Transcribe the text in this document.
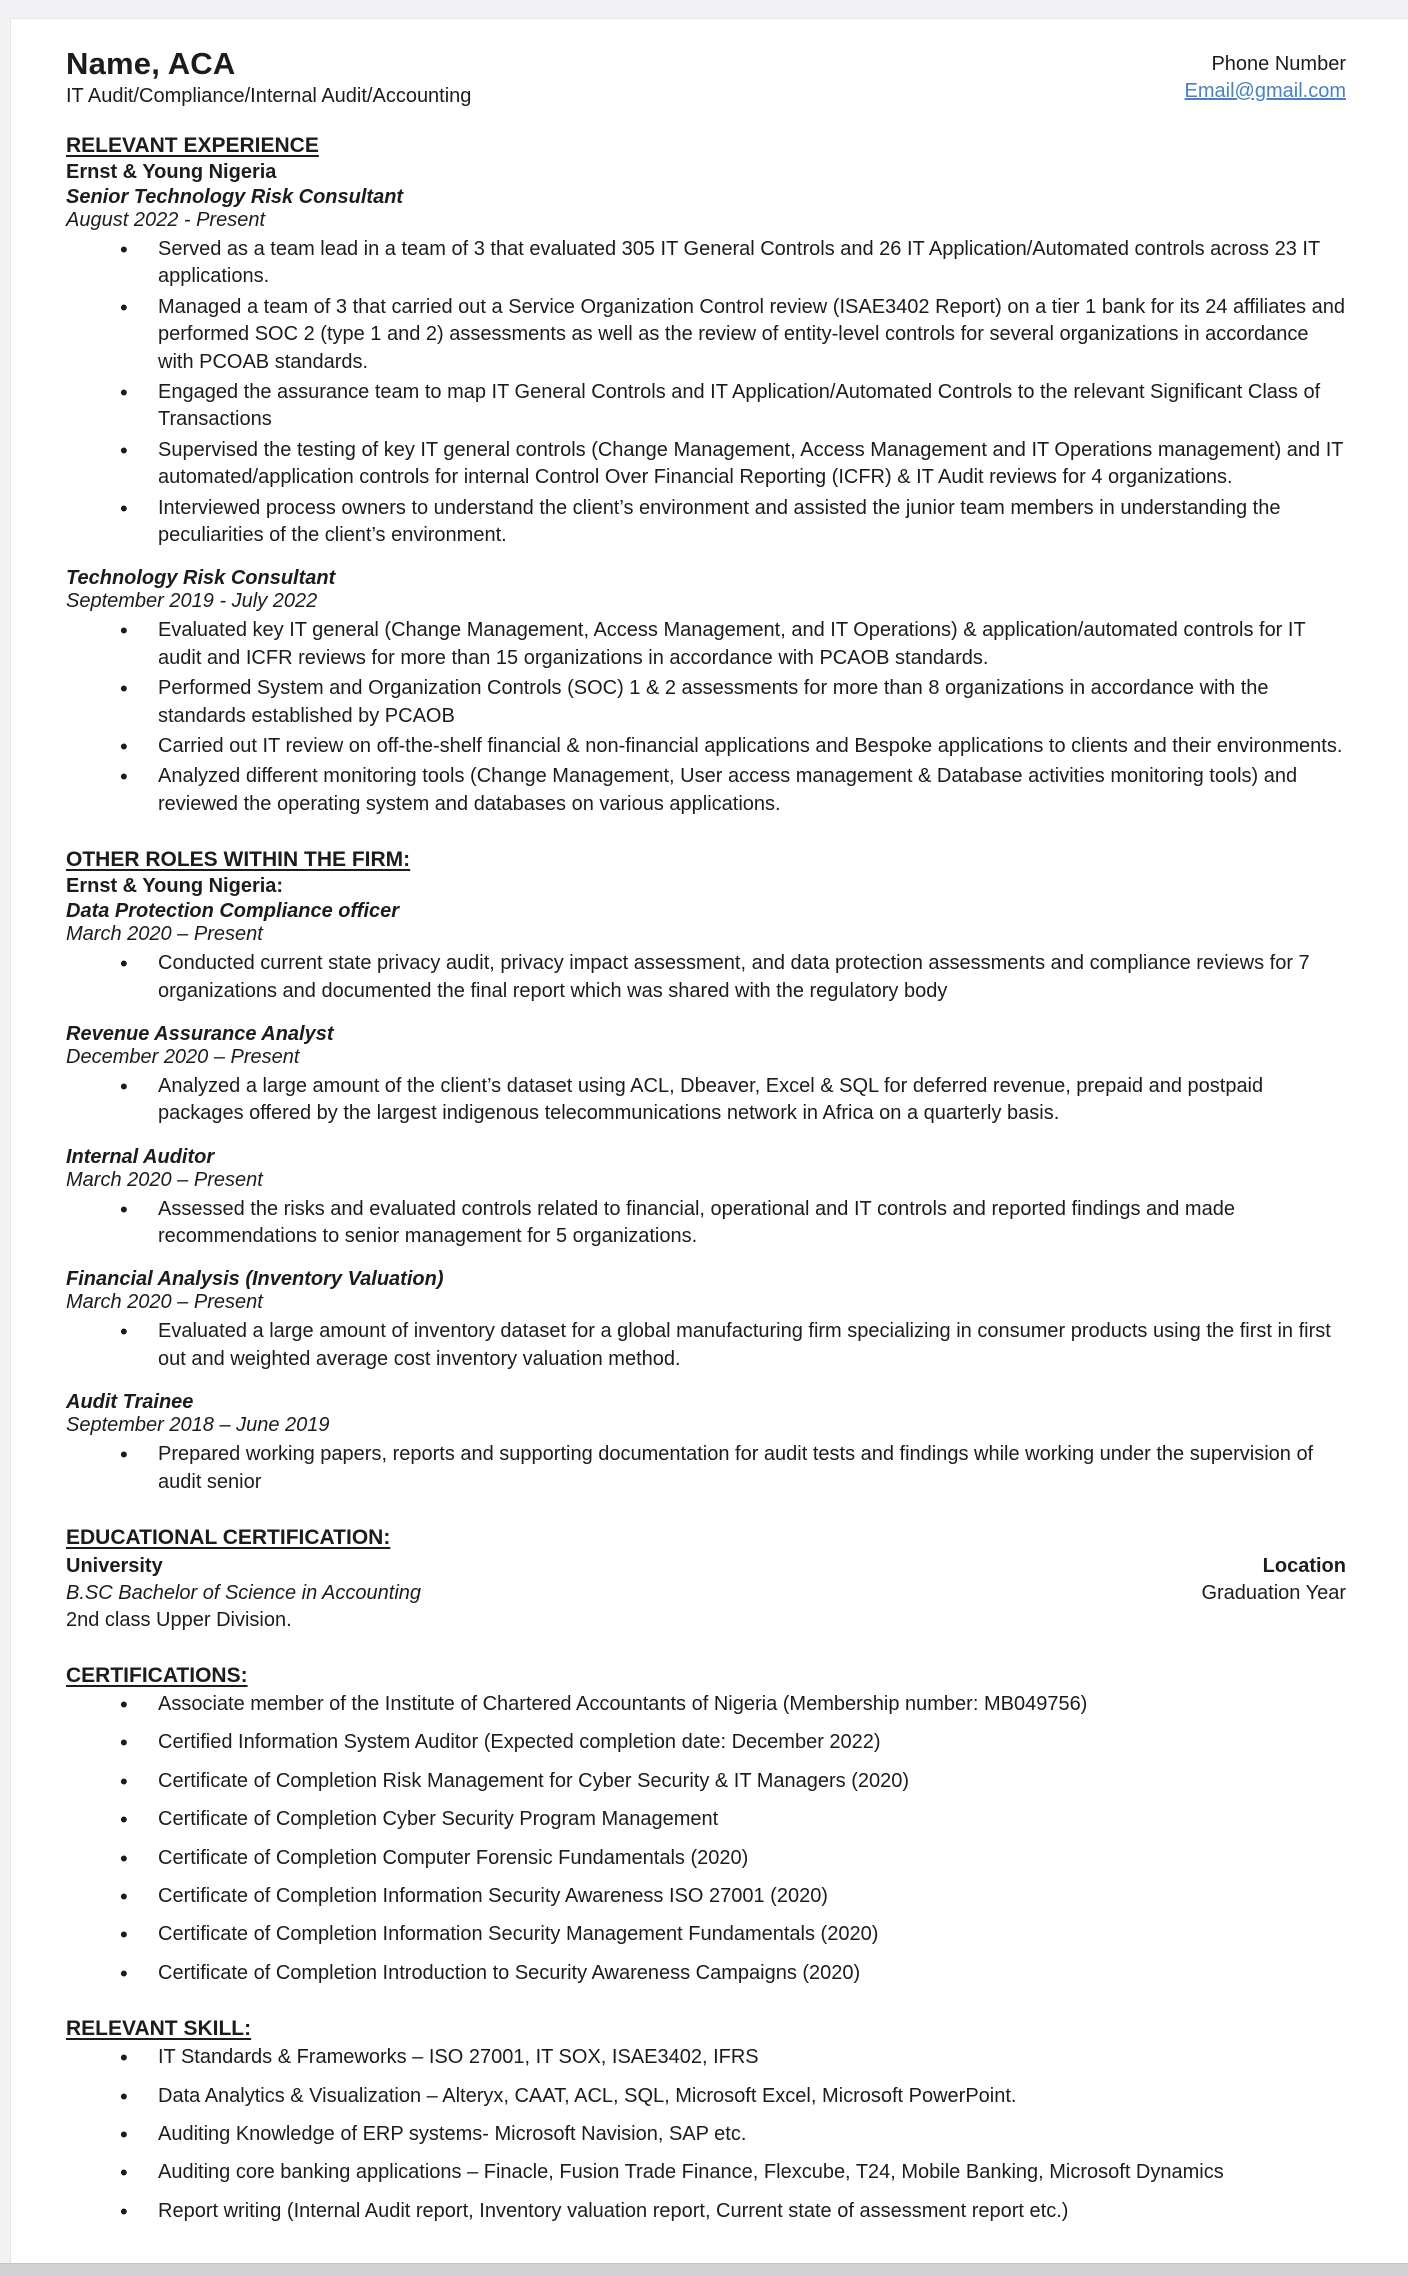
Name, ACA
IT Audit/Compliance/Internal Audit/Accounting
Phone Number
Email@gmail.com
RELEVANT EXPERIENCE
Ernst & Young Nigeria
Senior Technology Risk Consultant
August 2022 - Present
• Served as a team lead in a team of 3 that evaluated 305 IT General Controls and 26 IT Application/Automated controls across 23 IT applications.
• Managed a team of 3 that carried out a Service Organization Control review (ISAE3402 Report) on a tier 1 bank for its 24 affiliates and performed SOC 2 (type 1 and 2) assessments as well as the review of entity-level controls for several organizations in accordance with PCOAB standards.
• Engaged the assurance team to map IT General Controls and IT Application/Automated Controls to the relevant Significant Class of Transactions
• Supervised the testing of key IT general controls (Change Management, Access Management and IT Operations management) and IT automated/application controls for internal Control Over Financial Reporting (ICFR) & IT Audit reviews for 4 organizations.
• Interviewed process owners to understand the client’s environment and assisted the junior team members in understanding the peculiarities of the client’s environment.
Technology Risk Consultant
September 2019 - July 2022
• Evaluated key IT general (Change Management, Access Management, and IT Operations) & application/automated controls for IT audit and ICFR reviews for more than 15 organizations in accordance with PCAOB standards.
• Performed System and Organization Controls (SOC) 1 & 2 assessments for more than 8 organizations in accordance with the standards established by PCAOB
• Carried out IT review on off-the-shelf financial & non-financial applications and Bespoke applications to clients and their environments.
• Analyzed different monitoring tools (Change Management, User access management & Database activities monitoring tools) and reviewed the operating system and databases on various applications.
OTHER ROLES WITHIN THE FIRM:
Ernst & Young Nigeria:
Data Protection Compliance officer
March 2020 – Present
• Conducted current state privacy audit, privacy impact assessment, and data protection assessments and compliance reviews for 7 organizations and documented the final report which was shared with the regulatory body
Revenue Assurance Analyst
December 2020 – Present
• Analyzed a large amount of the client’s dataset using ACL, Dbeaver, Excel & SQL for deferred revenue, prepaid and postpaid packages offered by the largest indigenous telecommunications network in Africa on a quarterly basis.
Internal Auditor
March 2020 – Present
• Assessed the risks and evaluated controls related to financial, operational and IT controls and reported findings and made recommendations to senior management for 5 organizations.
Financial Analysis (Inventory Valuation)
March 2020 – Present
• Evaluated a large amount of inventory dataset for a global manufacturing firm specializing in consumer products using the first in first out and weighted average cost inventory valuation method.
Audit Trainee
September 2018 – June 2019
• Prepared working papers, reports and supporting documentation for audit tests and findings while working under the supervision of audit senior
EDUCATIONAL CERTIFICATION:
University	Location
B.SC Bachelor of Science in Accounting	Graduation Year
2nd class Upper Division.
CERTIFICATIONS:
• Associate member of the Institute of Chartered Accountants of Nigeria (Membership number: MB049756)
• Certified Information System Auditor (Expected completion date: December 2022)
• Certificate of Completion Risk Management for Cyber Security & IT Managers (2020)
• Certificate of Completion Cyber Security Program Management
• Certificate of Completion Computer Forensic Fundamentals (2020)
• Certificate of Completion Information Security Awareness ISO 27001 (2020)
• Certificate of Completion Information Security Management Fundamentals (2020)
• Certificate of Completion Introduction to Security Awareness Campaigns (2020)
RELEVANT SKILL:
• IT Standards & Frameworks – ISO 27001, IT SOX, ISAE3402, IFRS
• Data Analytics & Visualization – Alteryx, CAAT, ACL, SQL, Microsoft Excel, Microsoft PowerPoint.
• Auditing Knowledge of ERP systems- Microsoft Navision, SAP etc.
• Auditing core banking applications – Finacle, Fusion Trade Finance, Flexcube, T24, Mobile Banking, Microsoft Dynamics
• Report writing (Internal Audit report, Inventory valuation report, Current state of assessment report etc.)
